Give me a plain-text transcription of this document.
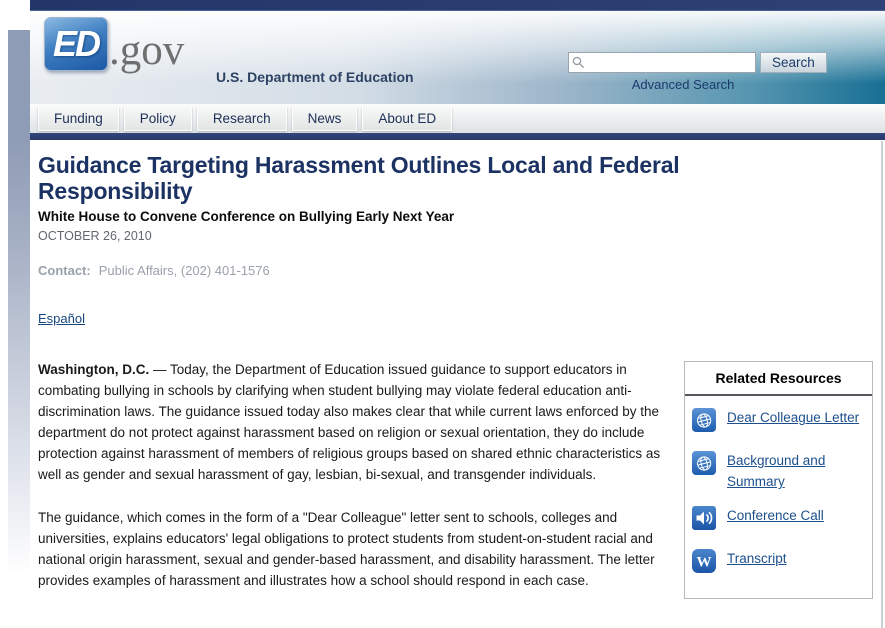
ED .gov
U.S. Department of Education
Search
Advanced Search
Funding	Policy	Research	News	About ED
Guidance Targeting Harassment Outlines Local and Federal Responsibility
White House to Convene Conference on Bullying Early Next Year
OCTOBER 26, 2010
Contact: Public Affairs, (202) 401-1576
Español
Related Resources
Dear Colleague Letter
Background and Summary
Conference Call
W Transcript

Washington, D.C. — Today, the Department of Education issued guidance to support educators in combating bullying in schools by clarifying when student bullying may violate federal education anti-discrimination laws. The guidance issued today also makes clear that while current laws enforced by the department do not protect against harassment based on religion or sexual orientation, they do include protection against harassment of members of religious groups based on shared ethnic characteristics as well as gender and sexual harassment of gay, lesbian, bi-sexual, and transgender individuals.

The guidance, which comes in the form of a "Dear Colleague" letter sent to schools, colleges and universities, explains educators' legal obligations to protect students from student-on-student racial and national origin harassment, sexual and gender-based harassment, and disability harassment. The letter provides examples of harassment and illustrates how a school should respond in each case.
